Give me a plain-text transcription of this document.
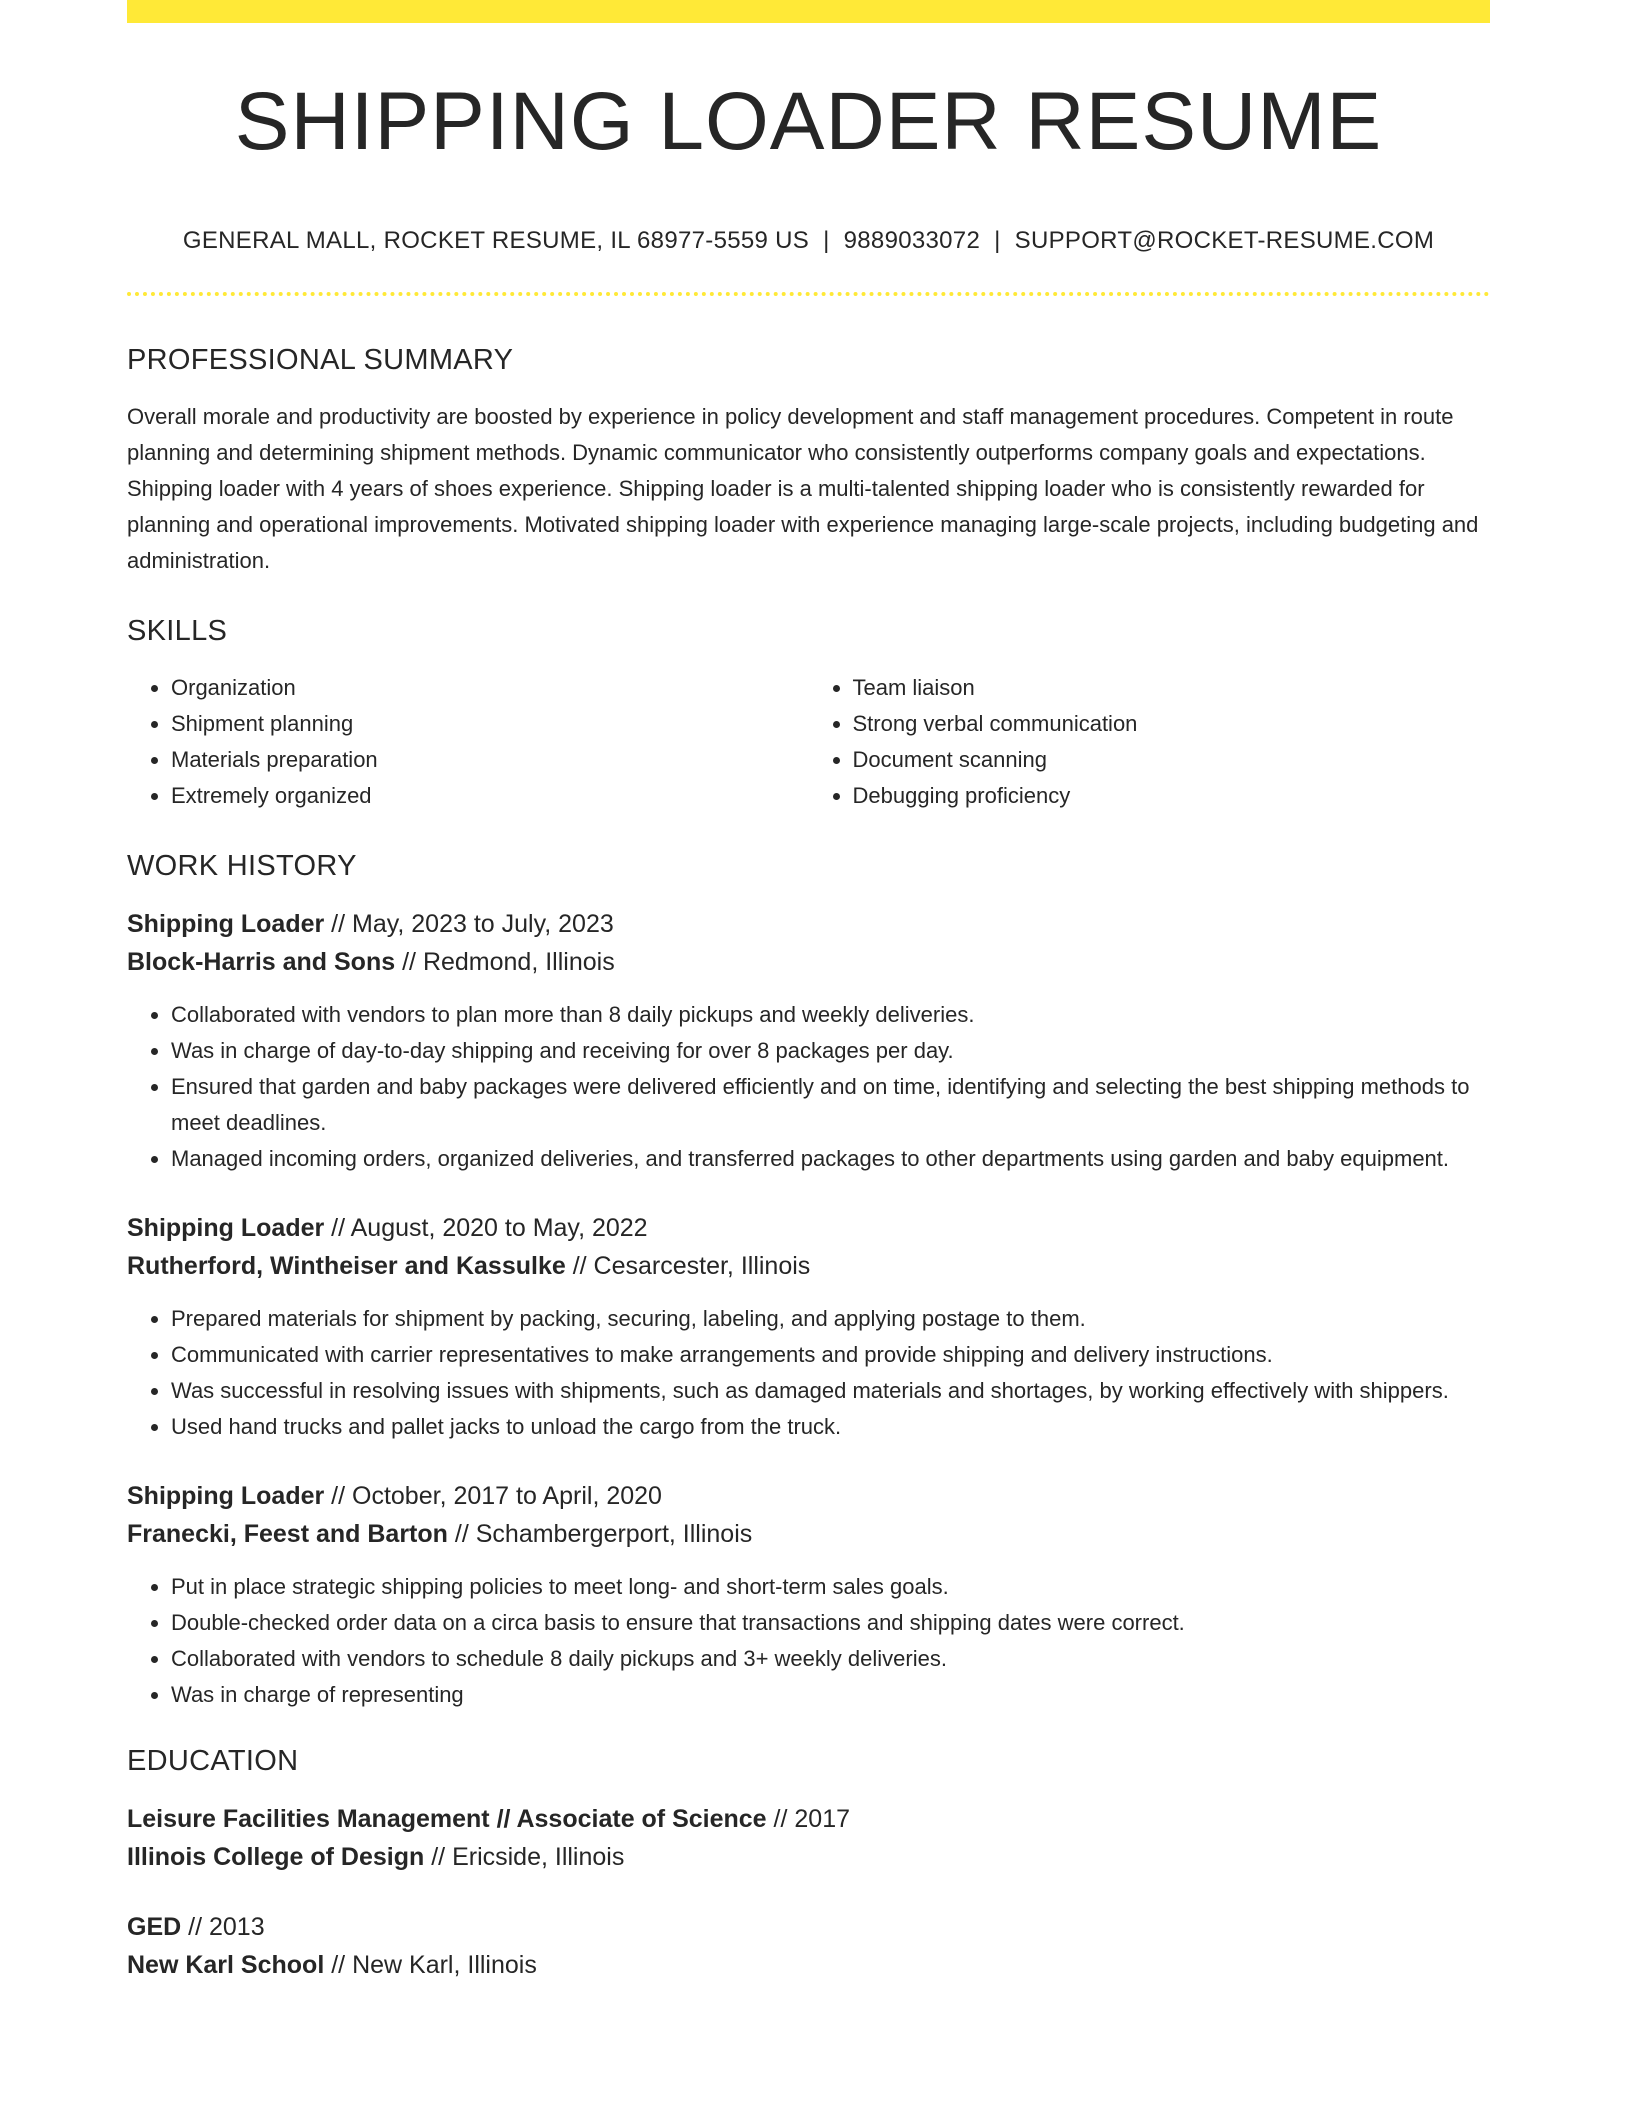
SHIPPING LOADER RESUME
GENERAL MALL, ROCKET RESUME, IL 68977-5559 US | 9889033072 | SUPPORT@ROCKET-RESUME.COM
PROFESSIONAL SUMMARY

Overall morale and productivity are boosted by experience in policy development and staff management procedures. Competent in route planning and determining shipment methods. Dynamic communicator who consistently outperforms company goals and expectations. Shipping loader with 4 years of shoes experience. Shipping loader is a multi-talented shipping loader who is consistently rewarded for planning and operational improvements. Motivated shipping loader with experience managing large-scale projects, including budgeting and administration.

SKILLS
• Organization
• Shipment planning
• Materials preparation
• Extremely organized
• Team liaison
• Strong verbal communication
• Document scanning
• Debugging proficiency
WORK HISTORY

Shipping Loader // May, 2023 to July, 2023

Block-Harris and Sons // Redmond, Illinois

• Collaborated with vendors to plan more than 8 daily pickups and weekly deliveries.
• Was in charge of day-to-day shipping and receiving for over 8 packages per day.
• Ensured that garden and baby packages were delivered efficiently and on time, identifying and selecting the best shipping methods to meet deadlines.
• Managed incoming orders, organized deliveries, and transferred packages to other departments using garden and baby equipment.

Shipping Loader // August, 2020 to May, 2022

Rutherford, Wintheiser and Kassulke // Cesarcester, Illinois

• Prepared materials for shipment by packing, securing, labeling, and applying postage to them.
• Communicated with carrier representatives to make arrangements and provide shipping and delivery instructions.
• Was successful in resolving issues with shipments, such as damaged materials and shortages, by working effectively with shippers.
• Used hand trucks and pallet jacks to unload the cargo from the truck.

Shipping Loader // October, 2017 to April, 2020

Franecki, Feest and Barton // Schambergerport, Illinois

• Put in place strategic shipping policies to meet long- and short-term sales goals.
• Double-checked order data on a circa basis to ensure that transactions and shipping dates were correct.
• Collaborated with vendors to schedule 8 daily pickups and 3+ weekly deliveries.
• Was in charge of representing
EDUCATION

Leisure Facilities Management // Associate of Science // 2017

Illinois College of Design // Ericside, Illinois

GED // 2013

New Karl School // New Karl, Illinois
